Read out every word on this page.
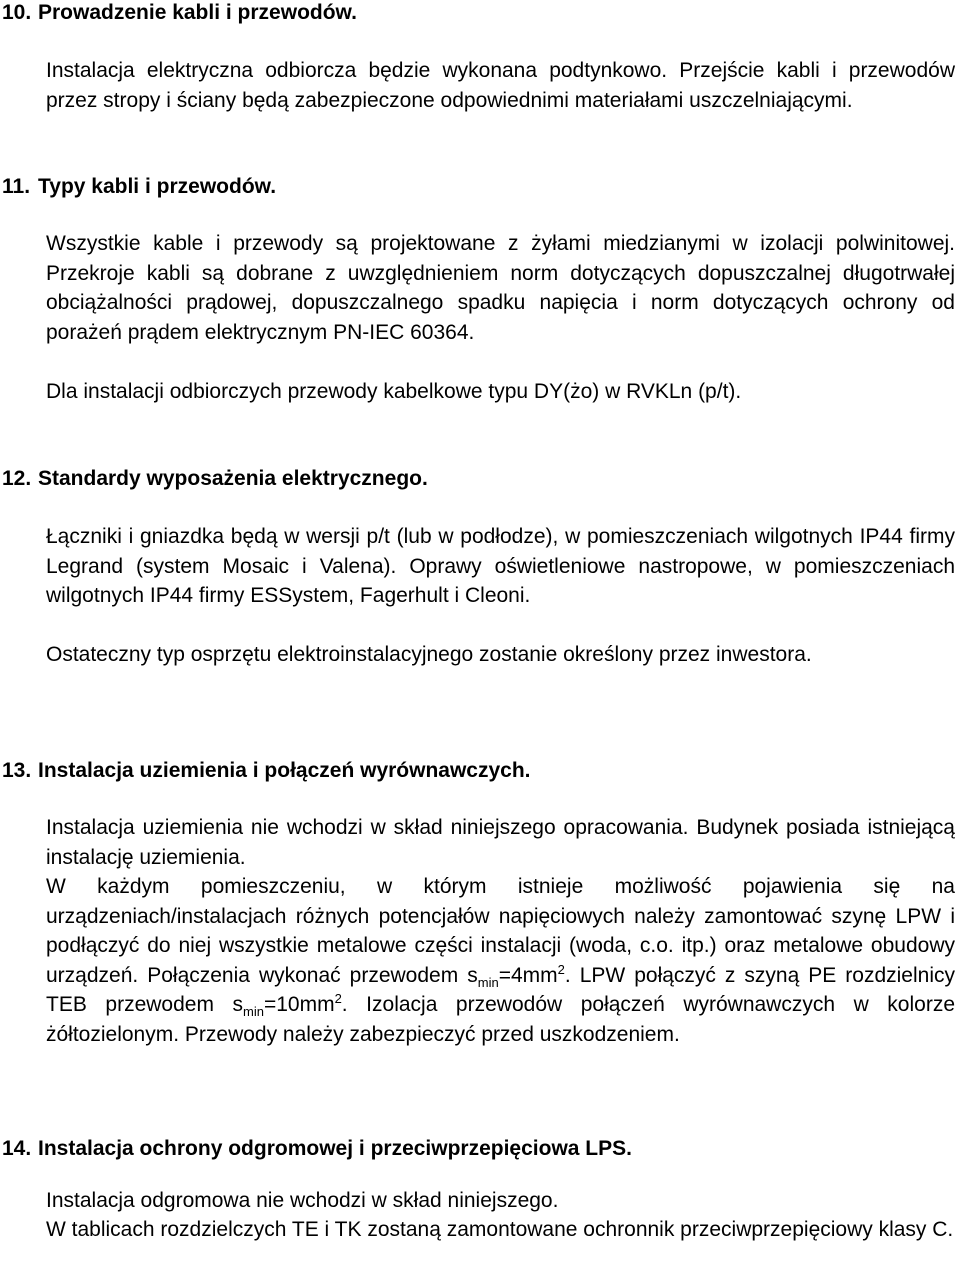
10. Prowadzenie kabli i przewodów.

Instalacja elektryczna odbiorcza będzie wykonana podtynkowo. Przejście kabli i przewodów przez stropy i ściany będą zabezpieczone odpowiednimi materiałami uszczelniającymi.

11. Typy kabli i przewodów.

Wszystkie kable i przewody są projektowane z żyłami miedzianymi w izolacji polwinitowej. Przekroje kabli są dobrane z uwzględnieniem norm dotyczących dopuszczalnej długotrwałej obciążalności prądowej, dopuszczalnego spadku napięcia i norm dotyczących ochrony od porażeń prądem elektrycznym PN-IEC 60364.

Dla instalacji odbiorczych przewody kabelkowe typu DY(żo) w RVKLn (p/t).

12. Standardy wyposażenia elektrycznego.

Łączniki i gniazdka będą w wersji p/t (lub w podłodze), w pomieszczeniach wilgotnych IP44 firmy Legrand (system Mosaic i Valena). Oprawy oświetleniowe nastropowe, w pomieszczeniach wilgotnych IP44 firmy ESSystem, Fagerhult i Cleoni.

Ostateczny typ osprzętu elektroinstalacyjnego zostanie określony przez inwestora.

13. Instalacja uziemienia i połączeń wyrównawczych.

Instalacja uziemienia nie wchodzi w skład niniejszego opracowania. Budynek posiada istniejącą instalację uziemienia.

W każdym pomieszczeniu, w którym istnieje możliwość pojawienia się na urządzeniach/instalacjach różnych potencjałów napięciowych należy zamontować szynę LPW i podłączyć do niej wszystkie metalowe części instalacji (woda, c.o. itp.) oraz metalowe obudowy urządzeń. Połączenia wykonać przewodem $s_{min}=4mm^2$. LPW połączyć z szyną PE rozdzielnicy TEB przewodem $s_{min}=10mm^2$. Izolacja przewodów połączeń wyrównawczych w kolorze żółtozielonym. Przewody należy zabezpieczyć przed uszkodzeniem.

14. Instalacja ochrony odgromowej i przeciwprzepięciowa LPS.

Instalacja odgromowa nie wchodzi w skład niniejszego.

W tablicach rozdzielczych TE i TK zostaną zamontowane ochronnik przeciwprzepięciowy klasy C.
